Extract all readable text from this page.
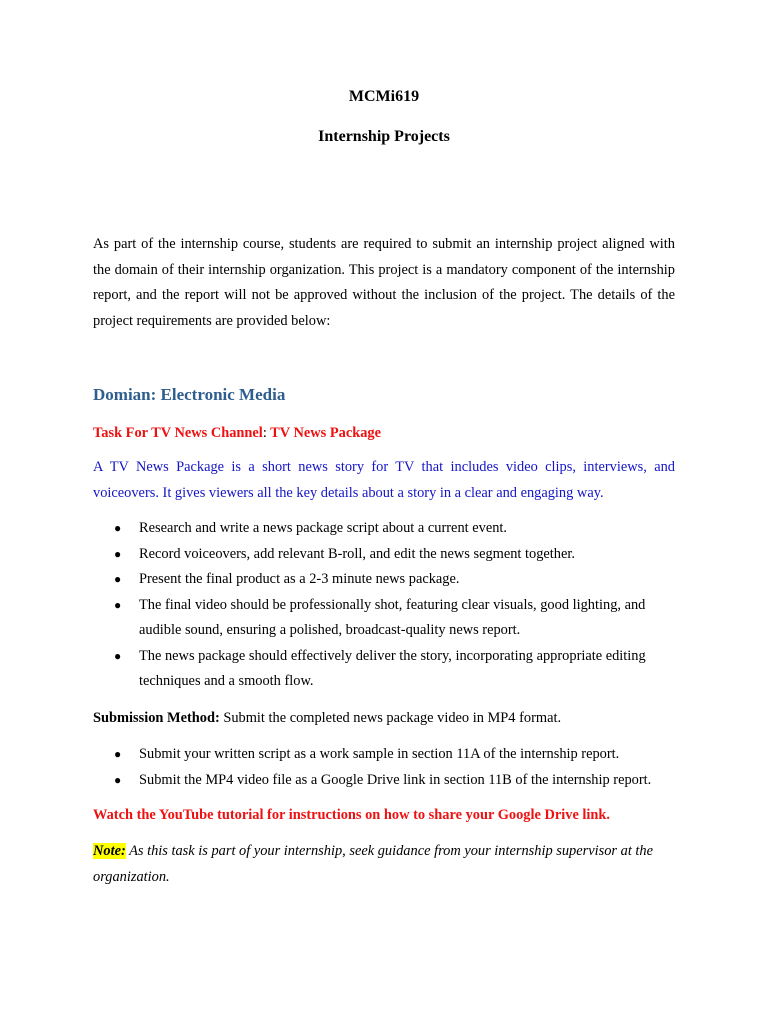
MCMi619
Internship Projects

As part of the internship course, students are required to submit an internship project aligned with the domain of their internship organization. This project is a mandatory component of the internship report, and the report will not be approved without the inclusion of the project. The details of the project requirements are provided below:

Domian: Electronic Media

Task For TV News Channel: TV News Package

A TV News Package is a short news story for TV that includes video clips, interviews, and voiceovers. It gives viewers all the key details about a story in a clear and engaging way.

● Research and write a news package script about a current event.
● Record voiceovers, add relevant B-roll, and edit the news segment together.
● Present the final product as a 2-3 minute news package.
● The final video should be professionally shot, featuring clear visuals, good lighting, and audible sound, ensuring a polished, broadcast-quality news report.
● The news package should effectively deliver the story, incorporating appropriate editing techniques and a smooth flow.

Submission Method: Submit the completed news package video in MP4 format.

● Submit your written script as a work sample in section 11A of the internship report.
● Submit the MP4 video file as a Google Drive link in section 11B of the internship report.

Watch the YouTube tutorial for instructions on how to share your Google Drive link.

Note: As this task is part of your internship, seek guidance from your internship supervisor at the organization.
